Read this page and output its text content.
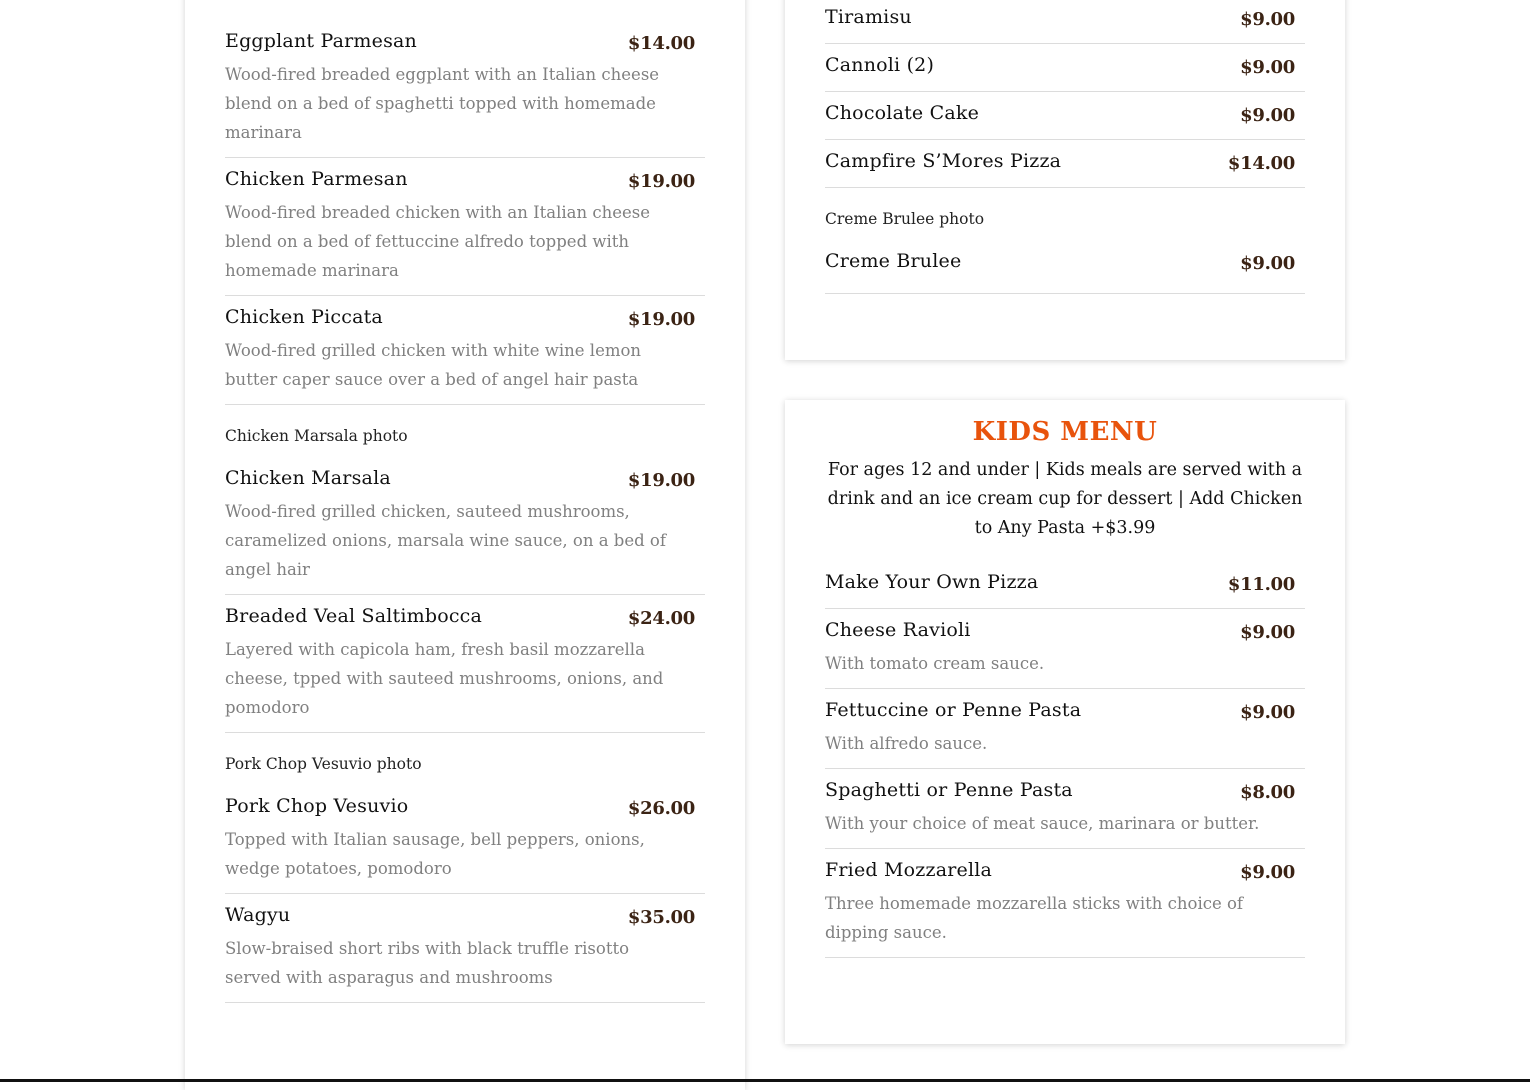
Eggplant Parmesan	$14.00
Wood-fired breaded eggplant with an Italian cheese blend on a bed of spaghetti topped with homemade marinara
Chicken Parmesan	$19.00
Wood-fired breaded chicken with an Italian cheese blend on a bed of fettuccine alfredo topped with homemade marinara
Chicken Piccata	$19.00
Wood-fired grilled chicken with white wine lemon butter caper sauce over a bed of angel hair pasta
Chicken Marsala photo
Chicken Marsala	$19.00
Wood-fired grilled chicken, sauteed mushrooms, caramelized onions, marsala wine sauce, on a bed of angel hair
Breaded Veal Saltimbocca	$24.00
Layered with capicola ham, fresh basil mozzarella cheese, tpped with sauteed mushrooms, onions, and pomodoro
Pork Chop Vesuvio photo
Pork Chop Vesuvio	$26.00
Topped with Italian sausage, bell peppers, onions, wedge potatoes, pomodoro
Wagyu	$35.00
Slow-braised short ribs with black truffle risotto served with asparagus and mushrooms
Tiramisu	$9.00
Cannoli (2)	$9.00
Chocolate Cake	$9.00
Campfire S’Mores Pizza	$14.00
Creme Brulee photo
Creme Brulee	$9.00
KIDS MENU
For ages 12 and under | Kids meals are served with a drink and an ice cream cup for dessert | Add Chicken to Any Pasta +$3.99
Make Your Own Pizza	$11.00
Cheese Ravioli	$9.00
With tomato cream sauce.
Fettuccine or Penne Pasta	$9.00
With alfredo sauce.
Spaghetti or Penne Pasta	$8.00
With your choice of meat sauce, marinara or butter.
Fried Mozzarella	$9.00
Three homemade mozzarella sticks with choice of dipping sauce.
